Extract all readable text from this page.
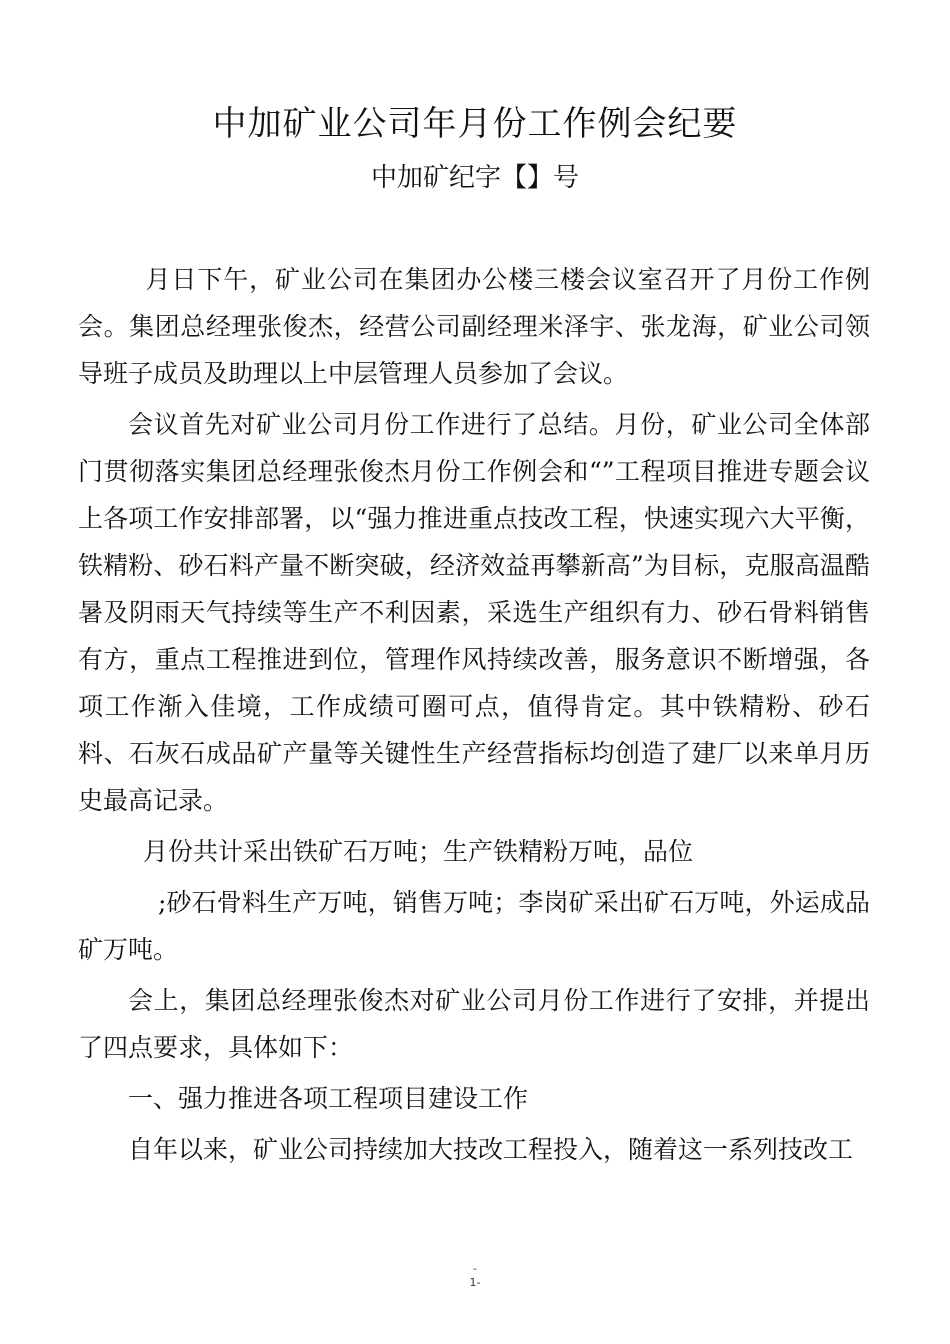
中加矿业公司年月份工作例会纪要
中加矿纪字【】号

月日下午，矿业公司在集团办公楼三楼会议室召开了月份工作例会。集团总经理张俊杰，经营公司副经理米泽宇、张龙海，矿业公司领导班子成员及助理以上中层管理人员参加了会议。

会议首先对矿业公司月份工作进行了总结。月份，矿业公司全体部门贯彻落实集团总经理张俊杰月份工作例会和“”工程项目推进专题会议上各项工作安排部署，以“强力推进重点技改工程，快速实现六大平衡，铁精粉、砂石料产量不断突破，经济效益再攀新高”为目标，克服高温酷暑及阴雨天气持续等生产不利因素，采选生产组织有力、砂石骨料销售有方，重点工程推进到位，管理作风持续改善，服务意识不断增强，各项工作渐入佳境，工作成绩可圈可点，值得肯定。其中铁精粉、砂石料、石灰石成品矿产量等关键性生产经营指标均创造了建厂以来单月历史最高记录。

月份共计采出铁矿石万吨；生产铁精粉万吨，品位

;砂石骨料生产万吨，销售万吨；李岗矿采出矿石万吨，外运成品矿万吨。

会上，集团总经理张俊杰对矿业公司月份工作进行了安排，并提出了四点要求，具体如下：

一、强力推进各项工程项目建设工作

自年以来，矿业公司持续加大技改工程投入，随着这一系列技改工

-
1-
